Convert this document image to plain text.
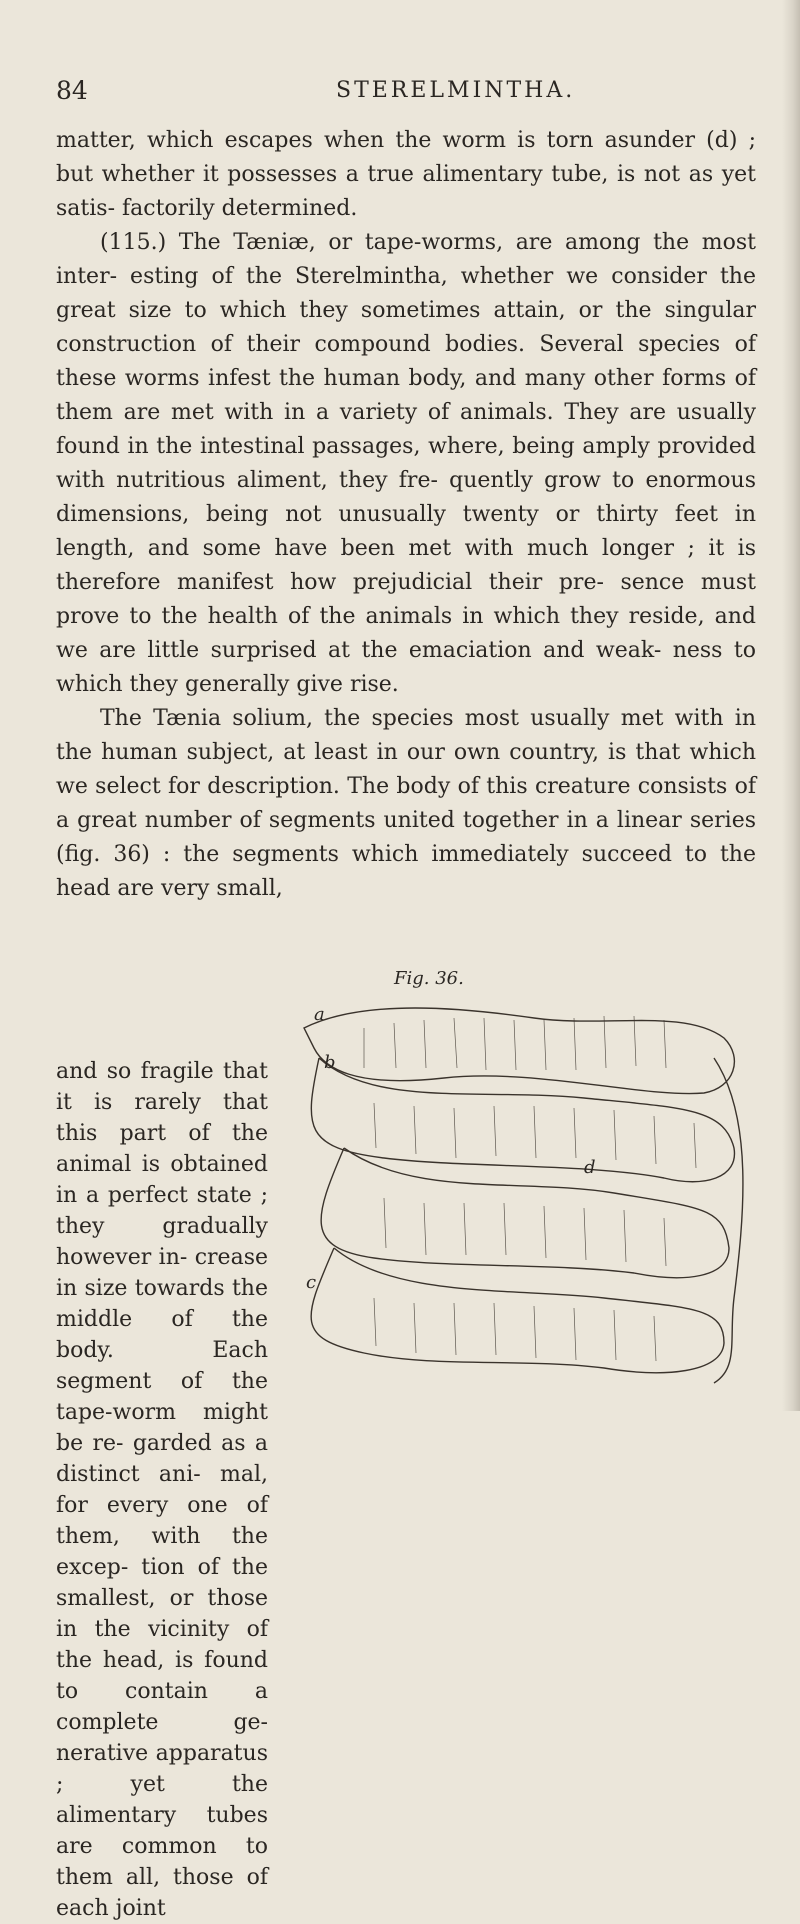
84	STERELMINTHA.

matter, which escapes when the worm is torn asunder (d) ; but whether it possesses a true alimentary tube, is not as yet satis- factorily determined.

(115.) The Tæniæ, or tape-worms, are among the most inter- esting of the Sterelmintha, whether we consider the great size to which they sometimes attain, or the singular construction of their compound bodies. Several species of these worms infest the human body, and many other forms of them are met with in a variety of animals. They are usually found in the intestinal passages, where, being amply provided with nutritious aliment, they fre- quently grow to enormous dimensions, being not unusually twenty or thirty feet in length, and some have been met with much longer ; it is therefore manifest how prejudicial their pre- sence must prove to the health of the animals in which they reside, and we are little surprised at the emaciation and weak- ness to which they generally give rise.

The Tænia solium, the species most usually met with in the human subject, at least in our own country, is that which we select for description. The body of this creature consists of a great number of segments united together in a linear series (fig. 36) : the segments which immediately succeed to the head are very small,

and so fragile that it is rarely that this part of the animal is obtained in a perfect state ; they gradually however in- crease in size towards the middle of the body. Each segment of the tape-worm might be re- garded as a distinct ani- mal, for every one of them, with the excep- tion of the smallest, or those in the vicinity of the head, is found to contain a complete ge- nerative apparatus ; yet the alimentary tubes are common to them all, those of each joint
Fig. 36.
a
b
c
d
